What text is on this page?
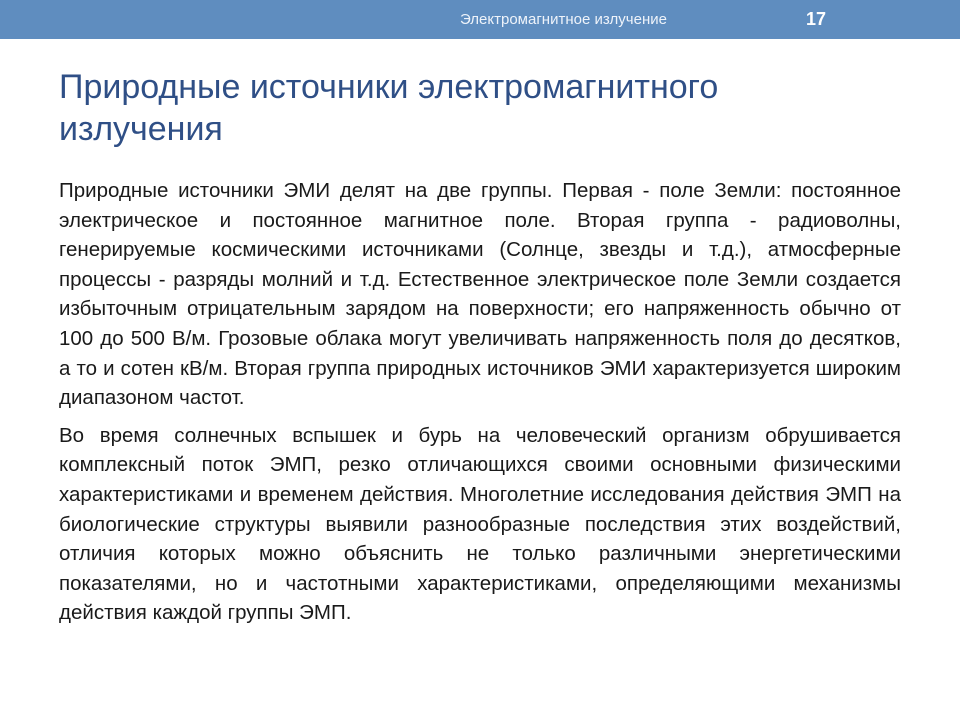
Электромагнитное излучение	17
Природные источники электромагнитного излучения

Природные источники ЭМИ делят на две группы. Первая - поле Земли: постоянное электрическое и постоянное магнитное поле. Вторая группа - радиоволны, генерируемые космическими источниками (Солнце, звезды и т.д.), атмосферные процессы - разряды молний и т.д. Естественное электрическое поле Земли создается избыточным отрицательным зарядом на поверхности; его напряженность обычно от 100 до 500 В/м. Грозовые облака могут увеличивать напряженность поля до десятков, а то и сотен кВ/м. Вторая группа природных источников ЭМИ характеризуется широким диапазоном частот.

Во время солнечных вспышек и бурь на человеческий организм обрушивается комплексный поток ЭМП, резко отличающихся своими основными физическими характеристиками и временем действия. Многолетние исследования действия ЭМП на биологические структуры выявили разнообразные последствия этих воздействий, отличия которых можно объяснить не только различными энергетическими показателями, но и частотными характеристиками, определяющими механизмы действия каждой группы ЭМП.
